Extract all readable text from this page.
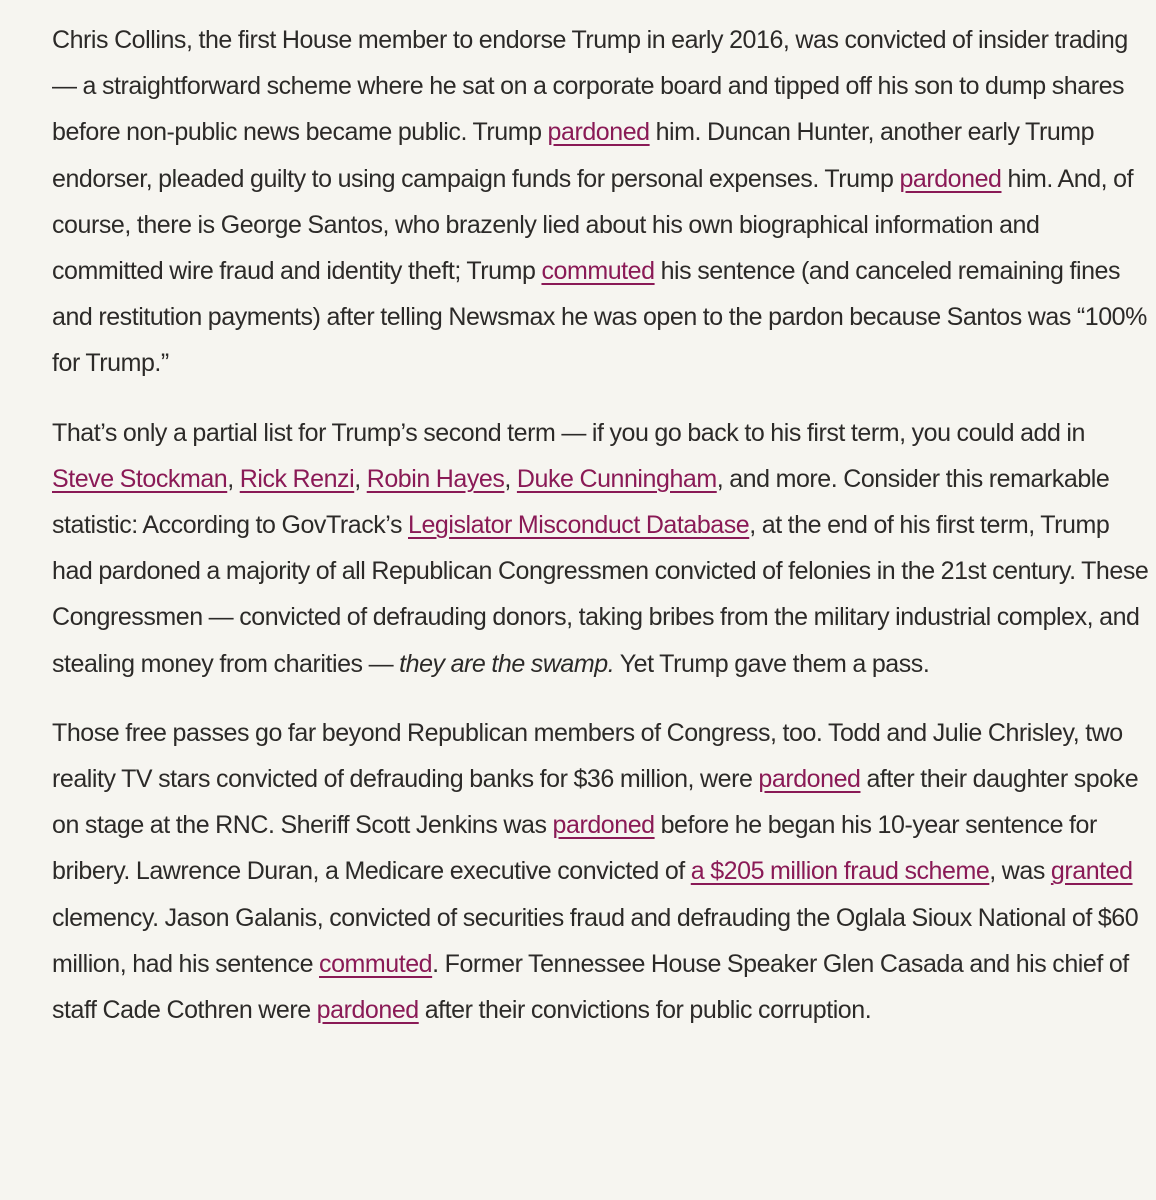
Chris Collins, the first House member to endorse Trump in early 2016, was convicted of insider trading — a straightforward scheme where he sat on a corporate board and tipped off his son to dump shares before non-public news became public. Trump pardoned him. Duncan Hunter, another early Trump endorser, pleaded guilty to using campaign funds for personal expenses. Trump pardoned him. And, of course, there is George Santos, who brazenly lied about his own biographical information and committed wire fraud and identity theft; Trump commuted his sentence (and canceled remaining fines and restitution payments) after telling Newsmax he was open to the pardon because Santos was “100% for Trump.”

That’s only a partial list for Trump’s second term — if you go back to his first term, you could add in Steve Stockman, Rick Renzi, Robin Hayes, Duke Cunningham, and more. Consider this remarkable statistic: According to GovTrack’s Legislator Misconduct Database, at the end of his first term, Trump had pardoned a majority of all Republican Congressmen convicted of felonies in the 21st century. These Congressmen — convicted of defrauding donors, taking bribes from the military industrial complex, and stealing money from charities — they are the swamp. Yet Trump gave them a pass.

Those free passes go far beyond Republican members of Congress, too. Todd and Julie Chrisley, two reality TV stars convicted of defrauding banks for $36 million, were pardoned after their daughter spoke on stage at the RNC. Sheriff Scott Jenkins was pardoned before he began his 10-year sentence for bribery. Lawrence Duran, a Medicare executive convicted of a $205 million fraud scheme, was granted clemency. Jason Galanis, convicted of securities fraud and defrauding the Oglala Sioux National of $60 million, had his sentence commuted. Former Tennessee House Speaker Glen Casada and his chief of staff Cade Cothren were pardoned after their convictions for public corruption.
